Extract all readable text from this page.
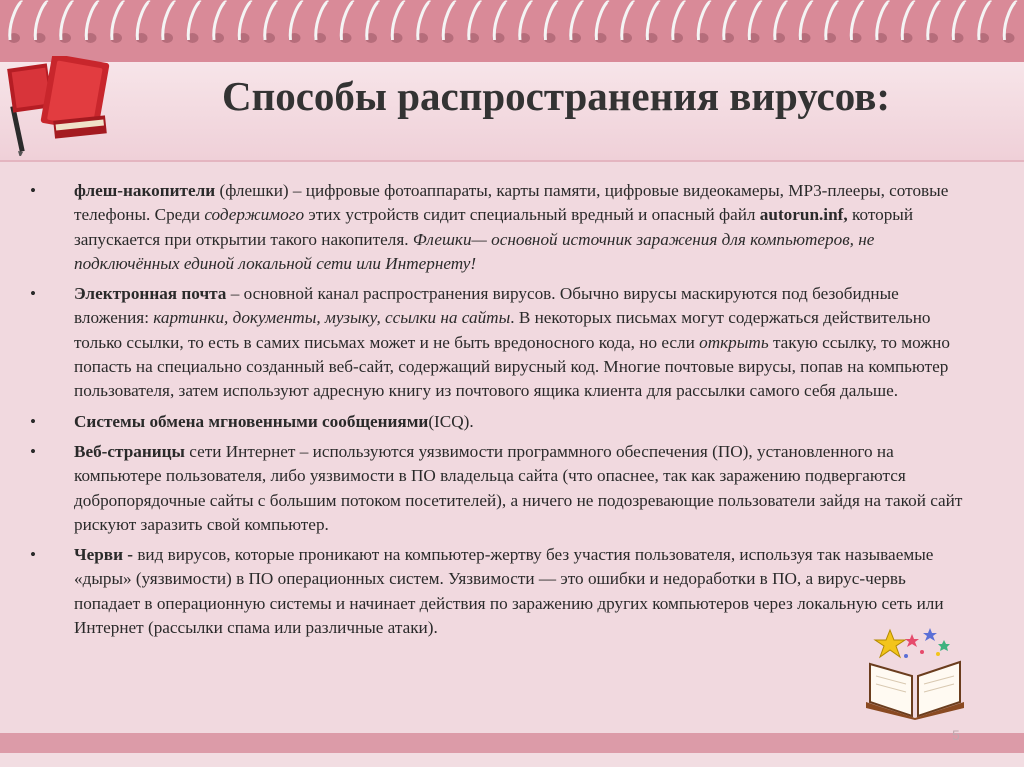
Способы распространения вирусов:
• флеш-накопители (флешки) – цифровые фотоаппараты, карты памяти, цифровые видеокамеры, MP3-плееры, сотовые телефоны. Среди содержимого этих устройств сидит специальный вредный и опасный файл autorun.inf, который запускается при открытии такого накопителя. Флешки— основной источник заражения для компьютеров, не подключённых единой локальной сети или Интернету!
• Электронная почта – основной канал распространения вирусов. Обычно вирусы маскируются под безобидные вложения: картинки, документы, музыку, ссылки на сайты. В некоторых письмах могут содержаться действительно только ссылки, то есть в самих письмах может и не быть вредоносного кода, но если открыть такую ссылку, то можно попасть на специально созданный веб-сайт, содержащий вирусный код. Многие почтовые вирусы, попав на компьютер пользователя, затем используют адресную книгу из почтового ящика клиента для рассылки самого себя дальше.
• Системы обмена мгновенными сообщениями(ICQ).
• Веб-страницы сети Интернет – используются уязвимости программного обеспечения (ПО), установленного на компьютере пользователя, либо уязвимости в ПО владельца сайта (что опаснее, так как заражению подвергаются добропорядочные сайты с большим потоком посетителей), а ничего не подозревающие пользователи зайдя на такой сайт рискуют заразить свой компьютер.
• Черви - вид вирусов, которые проникают на компьютер-жертву без участия пользователя, используя так называемые «дыры» (уязвимости) в ПО операционных систем. Уязвимости — это ошибки и недоработки в ПО, а вирус-червь попадает в операционную системы и начинает действия по заражению других компьютеров через локальную сеть или Интернет (рассылки спама или различные атаки).
5
